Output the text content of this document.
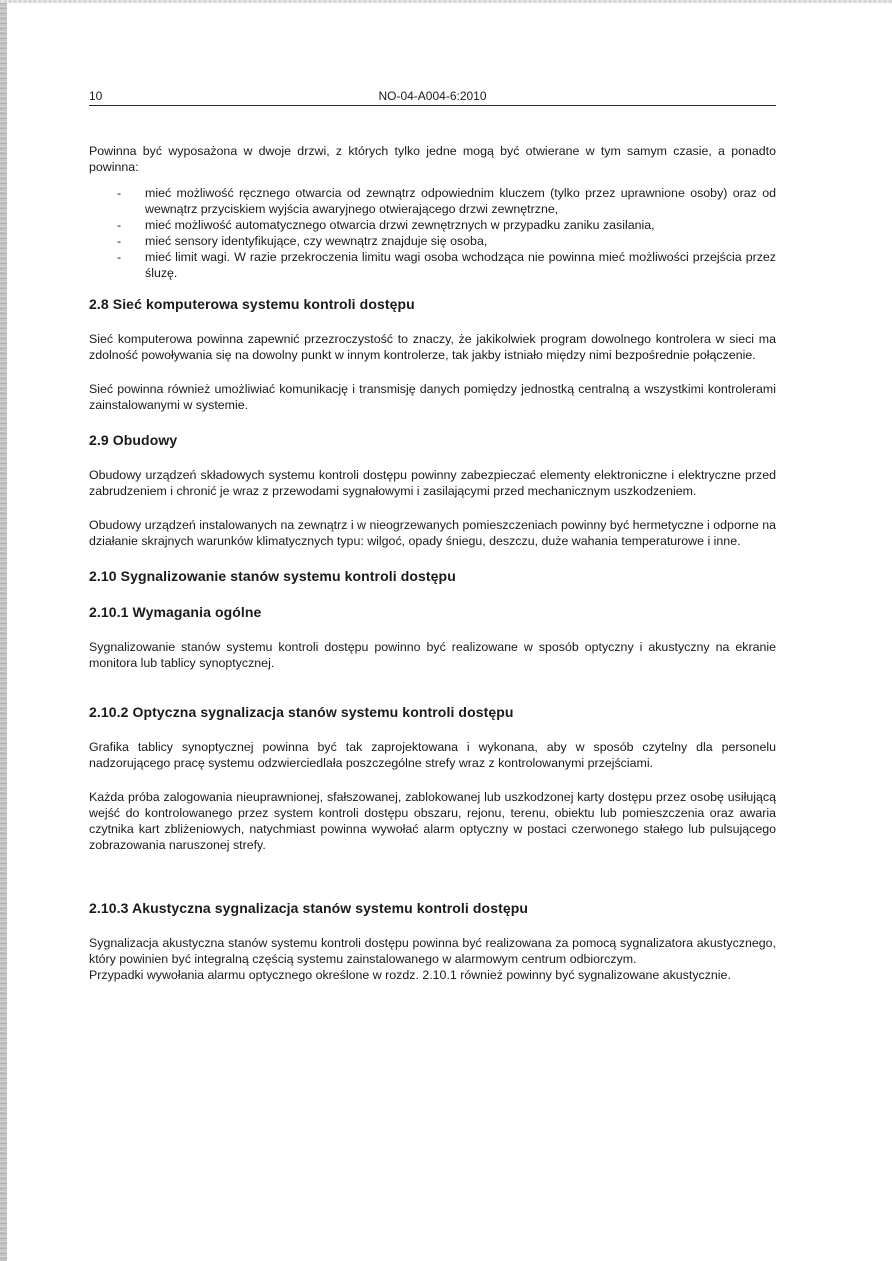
10	NO-04-A004-6:2010

Powinna być wyposażona w dwoje drzwi, z których tylko jedne mogą być otwierane w tym samym czasie, a ponadto powinna:

- mieć możliwość ręcznego otwarcia od zewnątrz odpowiednim kluczem (tylko przez uprawnione osoby) oraz od wewnątrz przyciskiem wyjścia awaryjnego otwierającego drzwi zewnętrzne,
- mieć możliwość automatycznego otwarcia drzwi zewnętrznych w przypadku zaniku zasilania,
- mieć sensory identyfikujące, czy wewnątrz znajduje się osoba,
- mieć limit wagi. W razie przekroczenia limitu wagi osoba wchodząca nie powinna mieć możliwości przejścia przez śluzę.
2.8 Sieć komputerowa systemu kontroli dostępu

Sieć komputerowa powinna zapewnić przezroczystość to znaczy, że jakikolwiek program dowolnego kontrolera w sieci ma zdolność powoływania się na dowolny punkt w innym kontrolerze, tak jakby istniało między nimi bezpośrednie połączenie.

Sieć powinna również umożliwiać komunikację i transmisję danych pomiędzy jednostką centralną a wszystkimi kontrolerami zainstalowanymi w systemie.

2.9 Obudowy

Obudowy urządzeń składowych systemu kontroli dostępu powinny zabezpieczać elementy elektroniczne i elektryczne przed zabrudzeniem i chronić je wraz z przewodami sygnałowymi i zasilającymi przed mechanicznym uszkodzeniem.

Obudowy urządzeń instalowanych na zewnątrz i w nieogrzewanych pomieszczeniach powinny być hermetyczne i odporne na działanie skrajnych warunków klimatycznych typu: wilgoć, opady śniegu, deszczu, duże wahania temperaturowe i inne.

2.10 Sygnalizowanie stanów systemu kontroli dostępu
2.10.1 Wymagania ogólne

Sygnalizowanie stanów systemu kontroli dostępu powinno być realizowane w sposób optyczny i akustyczny na ekranie monitora lub tablicy synoptycznej.

2.10.2 Optyczna sygnalizacja stanów systemu kontroli dostępu

Grafika tablicy synoptycznej powinna być tak zaprojektowana i wykonana, aby w sposób czytelny dla personelu nadzorującego pracę systemu odzwierciedlała poszczególne strefy wraz z kontrolowanymi przejściami.

Każda próba zalogowania nieuprawnionej, sfałszowanej, zablokowanej lub uszkodzonej karty dostępu przez osobę usiłującą wejść do kontrolowanego przez system kontroli dostępu obszaru, rejonu, terenu, obiektu lub pomieszczenia oraz awaria czytnika kart zbliżeniowych, natychmiast powinna wywołać alarm optyczny w postaci czerwonego stałego lub pulsującego zobrazowania naruszonej strefy.

2.10.3 Akustyczna sygnalizacja stanów systemu kontroli dostępu

Sygnalizacja akustyczna stanów systemu kontroli dostępu powinna być realizowana za pomocą sygnalizatora akustycznego, który powinien być integralną częścią systemu zainstalowanego w alarmowym centrum odbiorczym.

Przypadki wywołania alarmu optycznego określone w rozdz. 2.10.1 również powinny być sygnalizowane akustycznie.
